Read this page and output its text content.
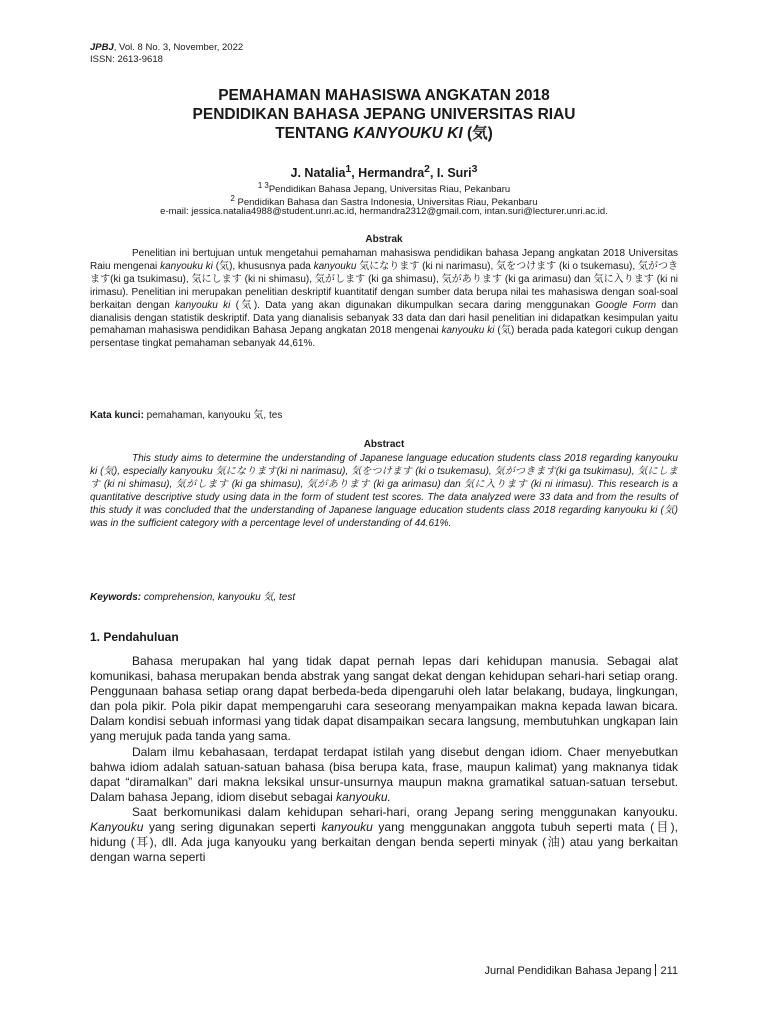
JPBJ, Vol. 8 No. 3, November, 2022
ISSN: 2613-9618
PEMAHAMAN MAHASISWA ANGKATAN 2018
PENDIDIKAN BAHASA JEPANG UNIVERSITAS RIAU
TENTANG KANYOUKU KI (気)
J. Natalia$^1$, Hermandra$^2$, I. Suri$^3$
$^{1 3}$Pendidikan Bahasa Jepang, Universitas Riau, Pekanbaru
$^2$ Pendidikan Bahasa dan Sastra Indonesia, Universitas Riau, Pekanbaru
e-mail: jessica.natalia4988@student.unri.ac.id, hermandra2312@gmail.com, intan.suri@lecturer.unri.ac.id.
Abstrak
Penelitian ini bertujuan untuk mengetahui pemahaman mahasiswa pendidikan bahasa Jepang angkatan 2018 Universitas Raiu mengenai kanyouku ki (気), khususnya pada kanyouku 気になります (ki ni narimasu), 気をつけます (ki o tsukemasu), 気がつきます(ki ga tsukimasu), 気にします (ki ni shimasu), 気がします (ki ga shimasu), 気があります (ki ga arimasu) dan 気に入ります (ki ni irimasu). Penelitian ini merupakan penelitian deskriptif kuantitatif dengan sumber data berupa nilai tes mahasiswa dengan soal-soal berkaitan dengan kanyouku ki (気). Data yang akan digunakan dikumpulkan secara daring menggunakan Google Form dan dianalisis dengan statistik deskriptif. Data yang dianalisis sebanyak 33 data dan dari hasil penelitian ini didapatkan kesimpulan yaitu pemahaman mahasiswa pendidikan Bahasa Jepang angkatan 2018 mengenai kanyouku ki (気) berada pada kategori cukup dengan persentase tingkat pemahaman sebanyak 44,61%.
Kata kunci: pemahaman, kanyouku 気, tes
Abstract
This study aims to determine the understanding of Japanese language education students class 2018 regarding kanyouku ki (気), especially kanyouku 気になります(ki ni narimasu), 気をつけます (ki o tsukemasu), 気がつきます(ki ga tsukimasu), 気にします (ki ni shimasu), 気がします (ki ga shimasu), 気があります (ki ga arimasu) dan 気に入ります (ki ni irimasu). This research is a quantitative descriptive study using data in the form of student test scores. The data analyzed were 33 data and from the results of this study it was concluded that the understanding of Japanese language education students class 2018 regarding kanyouku ki (気) was in the sufficient category with a percentage level of understanding of 44.61%.
Keywords: comprehension, kanyouku 気, test
1. Pendahuluan

Bahasa merupakan hal yang tidak dapat pernah lepas dari kehidupan manusia. Sebagai alat komunikasi, bahasa merupakan benda abstrak yang sangat dekat dengan kehidupan sehari-hari setiap orang. Penggunaan bahasa setiap orang dapat berbeda-beda dipengaruhi oleh latar belakang, budaya, lingkungan, dan pola pikir. Pola pikir dapat mempengaruhi cara seseorang menyampaikan makna kepada lawan bicara. Dalam kondisi sebuah informasi yang tidak dapat disampaikan secara langsung, membutuhkan ungkapan lain yang merujuk pada tanda yang sama.

Dalam ilmu kebahasaan, terdapat terdapat istilah yang disebut dengan idiom. Chaer menyebutkan bahwa idiom adalah satuan-satuan bahasa (bisa berupa kata, frase, maupun kalimat) yang maknanya tidak dapat “diramalkan” dari makna leksikal unsur-unsurnya maupun makna gramatikal satuan-satuan tersebut. Dalam bahasa Jepang, idiom disebut sebagai kanyouku.

Saat berkomunikasi dalam kehidupan sehari-hari, orang Jepang sering menggunakan kanyouku. Kanyouku yang sering digunakan seperti kanyouku yang menggunakan anggota tubuh seperti mata (目), hidung (耳), dll. Ada juga kanyouku yang berkaitan dengan benda seperti minyak (油) atau yang berkaitan dengan warna seperti

Jurnal Pendidikan Bahasa Jepang 211
